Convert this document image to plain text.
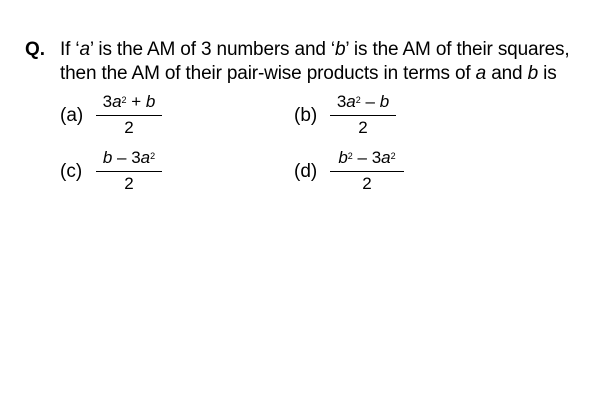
Q. If ‘a’ is the AM of 3 numbers and ‘b’ is the AM of their squares,
then the AM of their pair-wise products in terms of a and b is
(a)
$3a^2 + b$
2
(b)
$3a^2$ – b
2
(c)
b – $3a^2$
2
(d)
$b^2 - 3a^2$
2
